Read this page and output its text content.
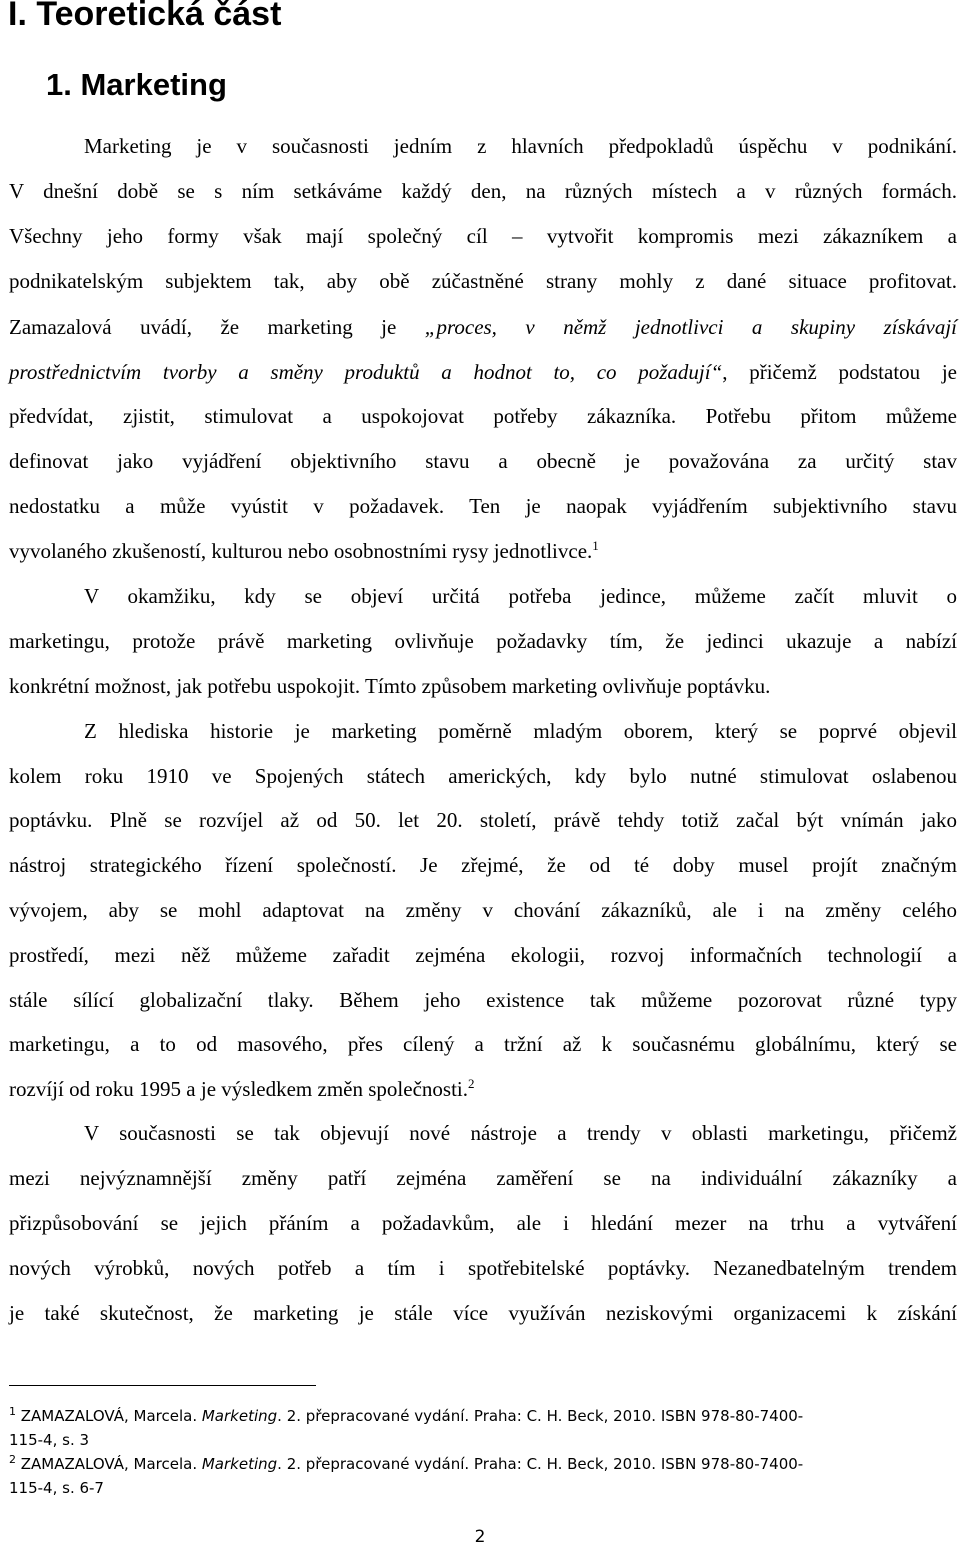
I. Teoretická část
1. Marketing
Marketing je v současnosti jedním z hlavních předpokladů úspěchu v podnikání.
V dnešní době se s ním setkáváme každý den, na různých místech a v různých formách.
Všechny jeho formy však mají společný cíl – vytvořit kompromis mezi zákazníkem a
podnikatelským subjektem tak, aby obě zúčastněné strany mohly z dané situace profitovat.
Zamazalová uvádí, že marketing je „proces, v němž jednotlivci a skupiny získávají
prostřednictvím tvorby a směny produktů a hodnot to, co požadují“, přičemž podstatou je
předvídat, zjistit, stimulovat a uspokojovat potřeby zákazníka. Potřebu přitom můžeme
definovat jako vyjádření objektivního stavu a obecně je považována za určitý stav
nedostatku a může vyústit v požadavek. Ten je naopak vyjádřením subjektivního stavu
vyvolaného zkušeností, kulturou nebo osobnostními rysy jednotlivce.$^1$
V okamžiku, kdy se objeví určitá potřeba jedince, můžeme začít mluvit o
marketingu, protože právě marketing ovlivňuje požadavky tím, že jedinci ukazuje a nabízí
konkrétní možnost, jak potřebu uspokojit. Tímto způsobem marketing ovlivňuje poptávku.
Z hlediska historie je marketing poměrně mladým oborem, který se poprvé objevil
kolem roku 1910 ve Spojených státech amerických, kdy bylo nutné stimulovat oslabenou
poptávku. Plně se rozvíjel až od 50. let 20. století, právě tehdy totiž začal být vnímán jako
nástroj strategického řízení společností. Je zřejmé, že od té doby musel projít značným
vývojem, aby se mohl adaptovat na změny v chování zákazníků, ale i na změny celého
prostředí, mezi něž můžeme zařadit zejména ekologii, rozvoj informačních technologií a
stále sílící globalizační tlaky. Během jeho existence tak můžeme pozorovat různé typy
marketingu, a to od masového, přes cílený a tržní až k současnému globálnímu, který se
rozvíjí od roku 1995 a je výsledkem změn společnosti.$^2$
V současnosti se tak objevují nové nástroje a trendy v oblasti marketingu, přičemž
mezi nejvýznamnější změny patří zejména zaměření se na individuální zákazníky a
přizpůsobování se jejich přáním a požadavkům, ale i hledání mezer na trhu a vytváření
nových výrobků, nových potřeb a tím i spotřebitelské poptávky. Nezanedbatelným trendem
je také skutečnost, že marketing je stále více využíván neziskovými organizacemi k získání
$^1$ ZAMAZALOVÁ, Marcela. Marketing. 2. přepracované vydání. Praha: C. H. Beck, 2010. ISBN 978-80-7400-
115-4, s. 3
$^2$ ZAMAZALOVÁ, Marcela. Marketing. 2. přepracované vydání. Praha: C. H. Beck, 2010. ISBN 978-80-7400-
115-4, s. 6-7
2
